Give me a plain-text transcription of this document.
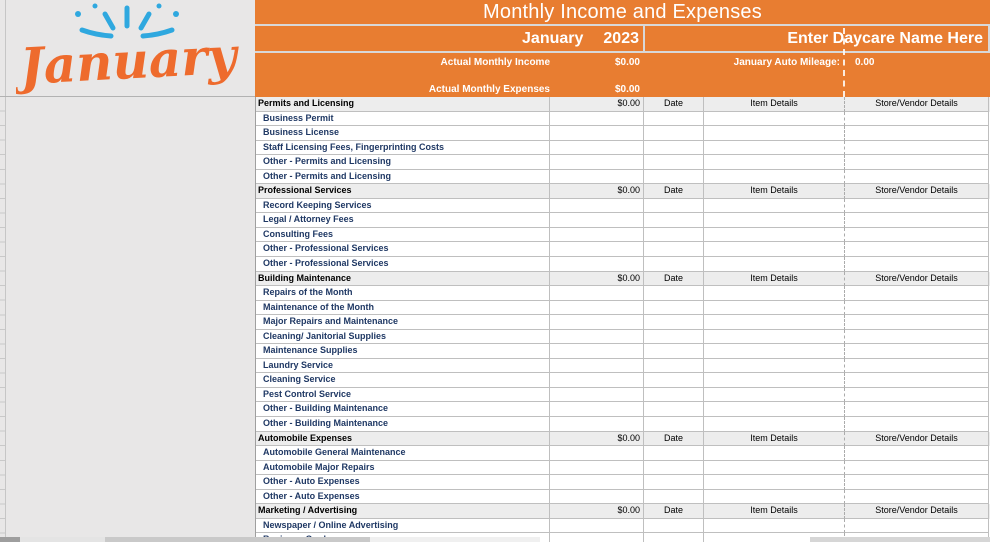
January
Monthly Income and Expenses
January 2023	Enter Daycare Name Here
Actual Monthly Income	$0.00	January Auto Mileage: 0.00
Actual Monthly Expenses	$0.00
Permits and Licensing	$0.00	Date	Item Details	Store/Vendor Details
Business Permit
Business License
Staff Licensing Fees, Fingerprinting Costs
Other - Permits and Licensing
Other - Permits and Licensing
Professional Services	$0.00	Date	Item Details	Store/Vendor Details
Record Keeping Services
Legal / Attorney Fees
Consulting Fees
Other - Professional Services
Other - Professional Services
Building Maintenance	$0.00	Date	Item Details	Store/Vendor Details
Repairs of the Month
Maintenance of the Month
Major Repairs and Maintenance
Cleaning/ Janitorial Supplies
Maintenance Supplies
Laundry Service
Cleaning Service
Pest Control Service
Other - Building Maintenance
Other - Building Maintenance
Automobile Expenses	$0.00	Date	Item Details	Store/Vendor Details
Automobile General Maintenance
Automobile Major Repairs
Other - Auto Expenses
Other - Auto Expenses
Marketing / Advertising	$0.00	Date	Item Details	Store/Vendor Details
Newspaper / Online Advertising
